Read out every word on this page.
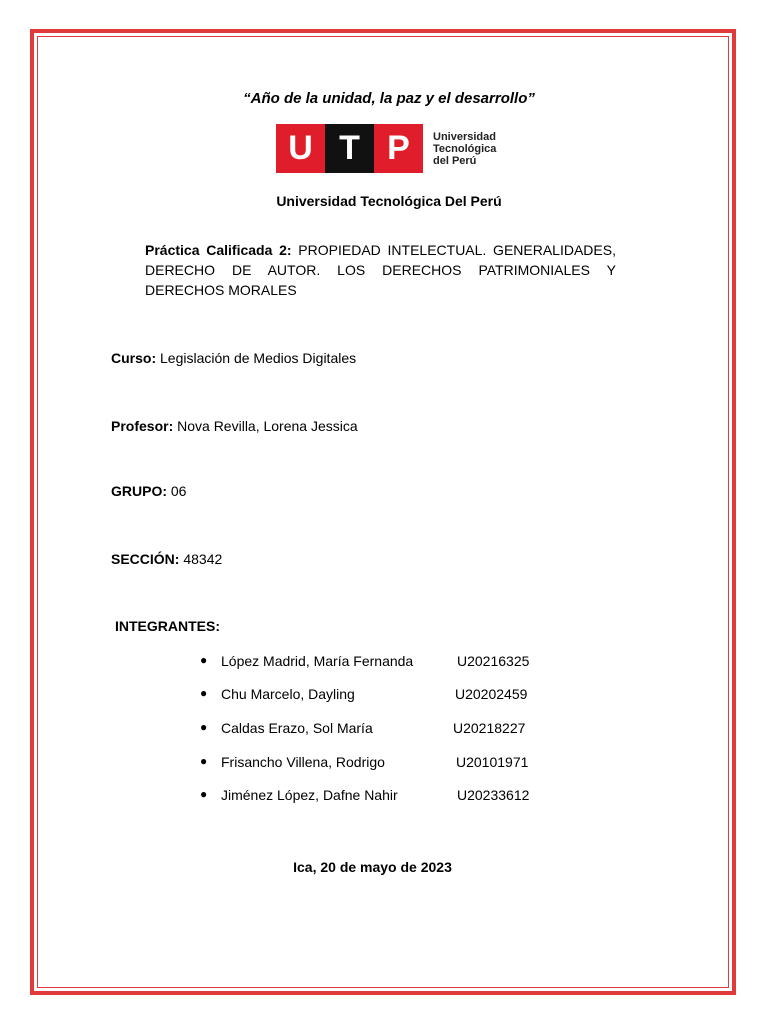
“Año de la unidad, la paz y el desarrollo”
U T P	Universidad
Tecnológica
del Perú
Universidad Tecnológica Del Perú
Práctica Calificada 2: PROPIEDAD INTELECTUAL. GENERALIDADES, DERECHO DE AUTOR. LOS DERECHOS PATRIMONIALES Y DERECHOS MORALES
Curso: Legislación de Medios Digitales
Profesor: Nova Revilla, Lorena Jessica
GRUPO: 06
SECCIÓN: 48342
INTEGRANTES:
● López Madrid, María Fernanda	U20216325
● Chu Marcelo, Dayling	U20202459
● Caldas Erazo, Sol María	U20218227
● Frisancho Villena, Rodrigo	U20101971
● Jiménez López, Dafne Nahir	U20233612
Ica, 20 de mayo de 2023
